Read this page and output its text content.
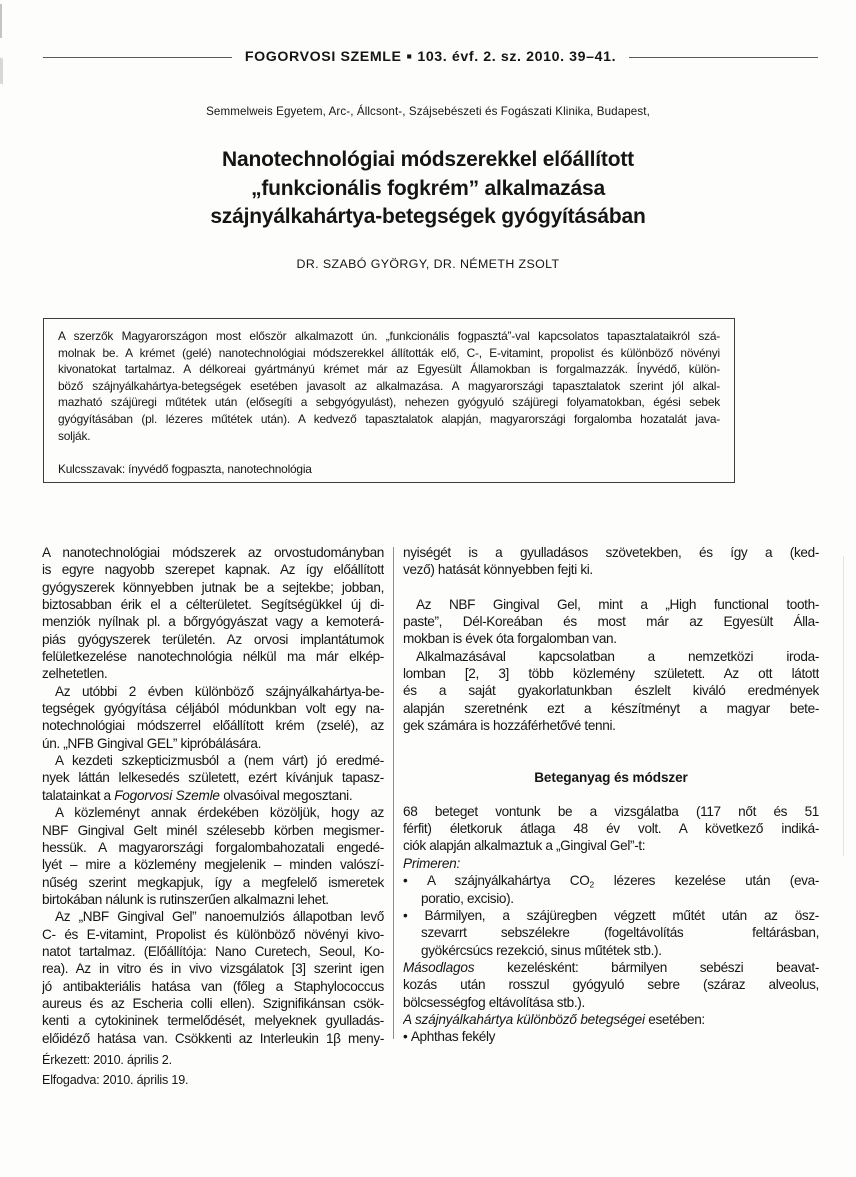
FOGORVOSI SZEMLE ■ 103. évf. 2. sz. 2010. 39–41.
Semmelweis Egyetem, Arc-, Állcsont-, Szájsebészeti és Fogászati Klinika, Budapest,
Nanotechnológiai módszerekkel előállított
„funkcionális fogkrém” alkalmazása
szájnyálkahártya-betegségek gyógyításában
DR. SZABÓ GYÖRGY, DR. NÉMETH ZSOLT
A szerzők Magyarországon most először alkalmazott ún. „funkcionális fogpasztá”-val kapcsolatos tapasztalataikról szá-
molnak be. A krémet (gelé) nanotechnológiai módszerekkel állították elő, C-, E-vitamint, propolist és különböző növényi
kivonatokat tartalmaz. A délkoreai gyártmányú krémet már az Egyesült Államokban is forgalmazzák. Ínyvédő, külön-
böző szájnyálkahártya-betegségek esetében javasolt az alkalmazása. A magyarországi tapasztalatok szerint jól alkal-
mazható szájüregi műtétek után (elősegíti a sebgyógyulást), nehezen gyógyuló szájüregi folyamatokban, égési sebek
gyógyításában (pl. lézeres műtétek után). A kedvező tapasztalatok alapján, magyarországi forgalomba hozatalát java-
solják.
Kulcsszavak: ínyvédő fogpaszta, nanotechnológia
A nanotechnológiai módszerek az orvostudományban
is egyre nagyobb szerepet kapnak. Az így előállított
gyógyszerek könnyebben jutnak be a sejtekbe; jobban,
biztosabban érik el a célterületet. Segítségükkel új di-
menziók nyílnak pl. a bőrgyógyászat vagy a kemoterá-
piás gyógyszerek területén. Az orvosi implantátumok
felületkezelése nanotechnológia nélkül ma már elkép-
zelhetetlen.
Az utóbbi 2 évben különböző szájnyálkahártya-be-
tegségek gyógyítása céljából módunkban volt egy na-
notechnológiai módszerrel előállított krém (zselé), az
ún. „NFB Gingival GEL” kipróbálására.
A kezdeti szkepticizmusból a (nem várt) jó eredmé-
nyek láttán lelkesedés született, ezért kívánjuk tapasz-
talatainkat a Fogorvosi Szemle olvasóival megosztani.
A közleményt annak érdekében közöljük, hogy az
NBF Gingival Gelt minél szélesebb körben megismer-
hessük. A magyarországi forgalombahozatali engedé-
lyét – mire a közlemény megjelenik – minden valószí-
nűség szerint megkapjuk, így a megfelelő ismeretek
birtokában nálunk is rutinszerűen alkalmazni lehet.
Az „NBF Gingival Gel” nanoemulziós állapotban levő
C- és E-vitamint, Propolist és különböző növényi kivo-
natot tartalmaz. (Előállítója: Nano Curetech, Seoul, Ko-
rea). Az in vitro és in vivo vizsgálatok [3] szerint igen
jó antibakteriális hatása van (főleg a Staphylococcus
aureus és az Escheria colli ellen). Szignifikánsan csök-
kenti a cytokininek termelődését, melyeknek gyulladás-
előidéző hatása van. Csökkenti az Interleukin 1β meny-
nyiségét is a gyulladásos szövetekben, és így a (ked-
vező) hatását könnyebben fejti ki.
Az NBF Gingival Gel, mint a „High functional tooth-
paste”, Dél-Koreában és most már az Egyesült Álla-
mokban is évek óta forgalomban van.
Alkalmazásával kapcsolatban a nemzetközi iroda-
lomban [2, 3] több közlemény született. Az ott látott
és a saját gyakorlatunkban észlelt kiváló eredmények
alapján szeretnénk ezt a készítményt a magyar bete-
gek számára is hozzáférhetővé tenni.
Beteganyag és módszer
68 beteget vontunk be a vizsgálatba (117 nőt és 51
férfit) életkoruk átlaga 48 év volt. A következő indiká-
ciók alapján alkalmaztuk a „Gingival Gel”-t:
Primeren:
• A szájnyálkahártya $CO_2$ lézeres kezelése után (eva-
poratio, excisio).
• Bármilyen, a szájüregben végzett műtét után az ösz-
szevarrt sebszélekre (fogeltávolítás  feltárásban,
gyökércsúcs rezekció, sinus műtétek stb.).
Másodlagos kezelésként: bármilyen sebészi beavat-
kozás után rosszul gyógyuló sebre (száraz alveolus,
bölcsességfog eltávolítása stb.).
A szájnyálkahártya különböző betegségei esetében:
• Aphthas fekély
Érkezett: 2010. április 2.
Elfogadva: 2010. április 19.
